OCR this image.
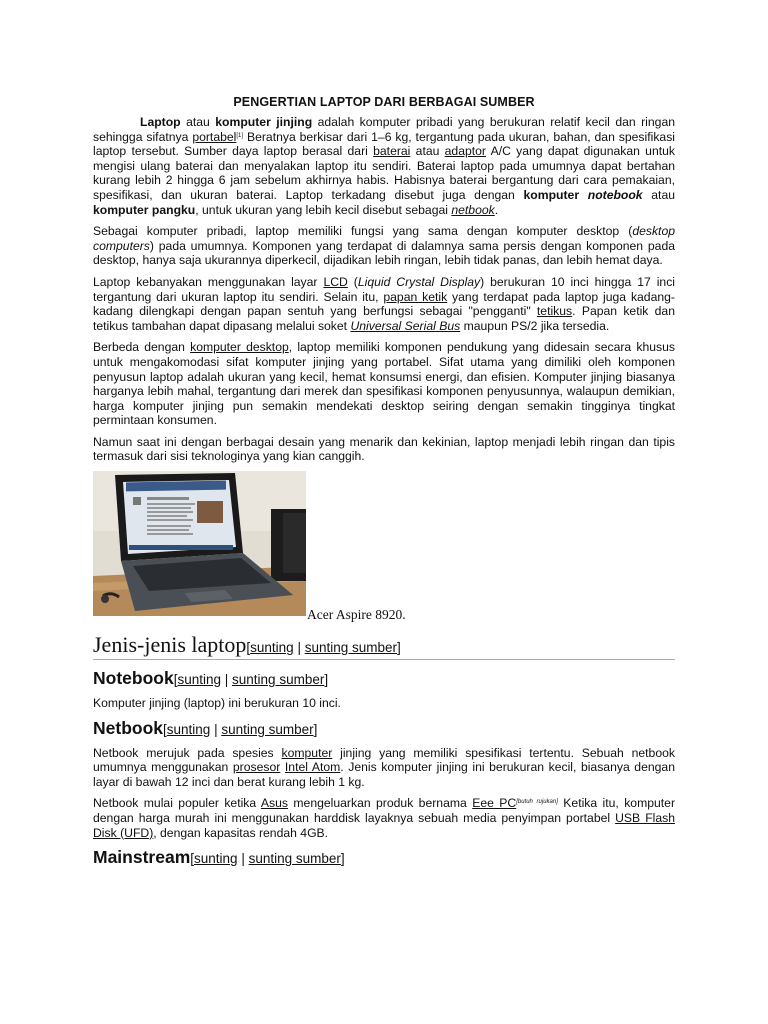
PENGERTIAN LAPTOP DARI BERBAGAI SUMBER

Laptop atau komputer jinjing adalah komputer pribadi yang berukuran relatif kecil dan ringan sehingga sifatnya portabel[1] Beratnya berkisar dari 1–6 kg, tergantung pada ukuran, bahan, dan spesifikasi laptop tersebut. Sumber daya laptop berasal dari baterai atau adaptor A/C yang dapat digunakan untuk mengisi ulang baterai dan menyalakan laptop itu sendiri. Baterai laptop pada umumnya dapat bertahan kurang lebih 2 hingga 6 jam sebelum akhirnya habis. Habisnya baterai bergantung dari cara pemakaian, spesifikasi, dan ukuran baterai. Laptop terkadang disebut juga dengan komputer notebook atau komputer pangku, untuk ukuran yang lebih kecil disebut sebagai netbook.

Sebagai komputer pribadi, laptop memiliki fungsi yang sama dengan komputer desktop (desktop computers) pada umumnya. Komponen yang terdapat di dalamnya sama persis dengan komponen pada desktop, hanya saja ukurannya diperkecil, dijadikan lebih ringan, lebih tidak panas, dan lebih hemat daya.

Laptop kebanyakan menggunakan layar LCD (Liquid Crystal Display) berukuran 10 inci hingga 17 inci tergantung dari ukuran laptop itu sendiri. Selain itu, papan ketik yang terdapat pada laptop juga kadang-kadang dilengkapi dengan papan sentuh yang berfungsi sebagai "pengganti" tetikus. Papan ketik dan tetikus tambahan dapat dipasang melalui soket Universal Serial Bus maupun PS/2 jika tersedia.

Berbeda dengan komputer desktop, laptop memiliki komponen pendukung yang didesain secara khusus untuk mengakomodasi sifat komputer jinjing yang portabel. Sifat utama yang dimiliki oleh komponen penyusun laptop adalah ukuran yang kecil, hemat konsumsi energi, dan efisien. Komputer jinjing biasanya harganya lebih mahal, tergantung dari merek dan spesifikasi komponen penyusunnya, walaupun demikian, harga komputer jinjing pun semakin mendekati desktop seiring dengan semakin tingginya tingkat permintaan konsumen.

Namun saat ini dengan berbagai desain yang menarik dan kekinian, laptop menjadi lebih ringan dan tipis termasuk dari sisi teknologinya yang kian canggih.

Acer Aspire 8920.
Jenis-jenis laptop[sunting | sunting sumber]
Notebook[sunting | sunting sumber]

Komputer jinjing (laptop) ini berukuran 10 inci.

Netbook[sunting | sunting sumber]

Netbook merujuk pada spesies komputer jinjing yang memiliki spesifikasi tertentu. Sebuah netbook umumnya menggunakan prosesor Intel Atom. Jenis komputer jinjing ini berukuran kecil, biasanya dengan layar di bawah 12 inci dan berat kurang lebih 1 kg.

Netbook mulai populer ketika Asus mengeluarkan produk bernama Eee PC[butuh rujukan] Ketika itu, komputer dengan harga murah ini menggunakan harddisk layaknya sebuah media penyimpan portabel USB Flash Disk (UFD), dengan kapasitas rendah 4GB.

Mainstream[sunting | sunting sumber]
